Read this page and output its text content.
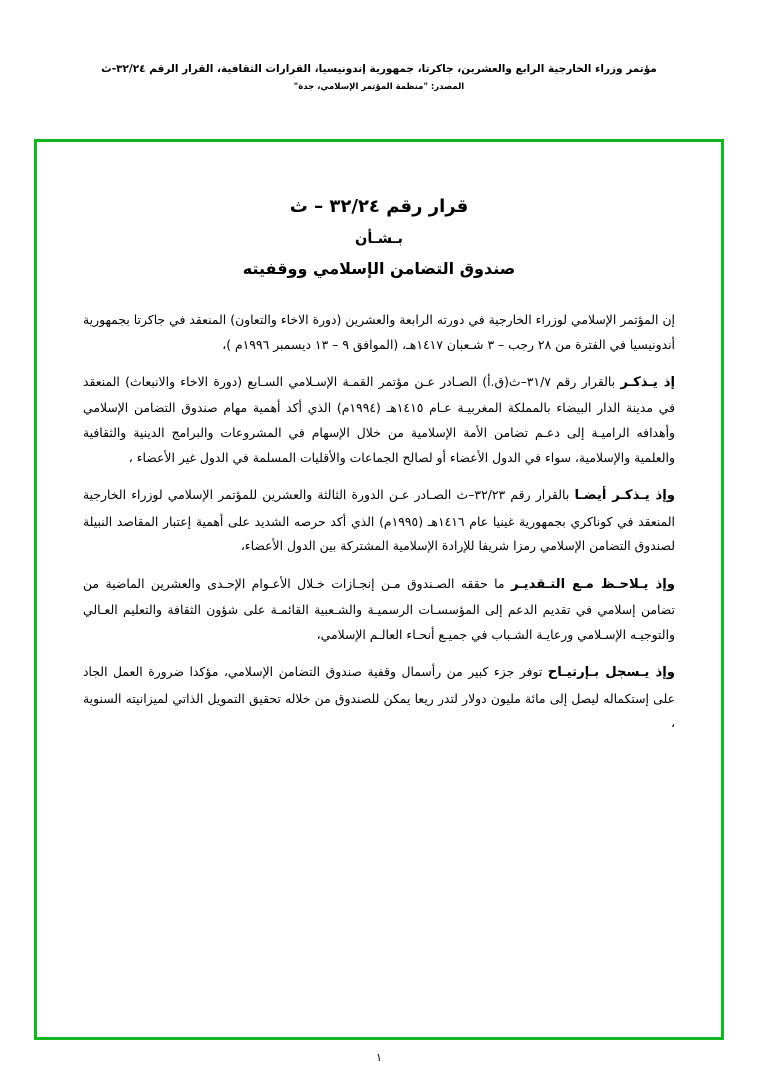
مؤتمر وزراء الخارجية الرابع والعشرين، جاكرتا، جمهورية إندونيسيا، القرارات الثقافية، القرار الرقم ٣٢/٢٤-ث
المصدر: "منظمة المؤتمر الإسلامي، جدة"
قرار رقم ٣٢/٢٤ – ث
بـشـأن
صندوق التضامن الإسلامي ووقفيته

إن المؤتمر الإسلامي لوزراء الخارجية في دورته الرابعة والعشرين (دورة الاخاء والتعاون) المنعقد في جاكرتا بجمهورية أندونيسيا في الفترة من ٢٨ رجب – ٣ شـعبان ١٤١٧هـ، (الموافق ٩ – ١٣ ديسمبر ١٩٩٦م )،

إذ يـذكـر بالقرار رقم ٣١/٧–ث(ق.أ) الصـادر عـن مؤتمر القمـة الإسـلامي السـابع (دورة الاخاء والانبعاث) المنعقد في مدينة الدار البيضاء بالمملكة المغربيـة عـام ١٤١٥هـ (١٩٩٤م) الذي أكد أهمية مهام صندوق التضامن الإسلامي وأهدافه الراميـة إلى دعـم تضامن الأمة الإسلامية من خلال الإسهام في المشروعات والبرامج الدينية والثقافية والعلمية والإسلامية، سواء في الدول الأعضاء أو لصالح الجماعات والأقليات المسلمة في الدول غير الأعضاء ،

وإذ يـذكـر أيضـا بالقرار رقم ٣٢/٢٣–ث الصـادر عـن الدورة الثالثة والعشرين للمؤتمر الإسلامي لوزراء الخارجية المنعقد في كوناكري بجمهورية غينيا عام ١٤١٦هـ (١٩٩٥م) الذي أكد حرصه الشديد على أهمية إعتبار المقاصد النبيلة لصندوق التضامن الإسلامي رمزا شريفا للإرادة الإسلامية المشتركة بين الدول الأعضاء،

وإذ يـلاحـظ مـع التـقديـر ما حققه الصـندوق مـن إنجـازات خـلال الأعـوام الإحـدى والعشرين الماضية من تضامن إسلامي في تقديم الدعم إلى المؤسسـات الرسميـة والشـعبية القائمـة على شؤون الثقافة والتعليم العـالي والتوجيـه الإسـلامي ورعايـة الشـباب في جميـع أنحـاء العالـم الإسلامي،

وإذ يـسجل بـإرتيـاح توفر جزء كبير من رأسمال وقفية صندوق التضامن الإسلامي، مؤكدا ضرورة العمل الجاد على إستكماله ليصل إلى مائة مليون دولار لتدر ريعا يمكن للصندوق من خلاله تحقيق التمويل الذاتي لميزانيته السنوية ،

١
